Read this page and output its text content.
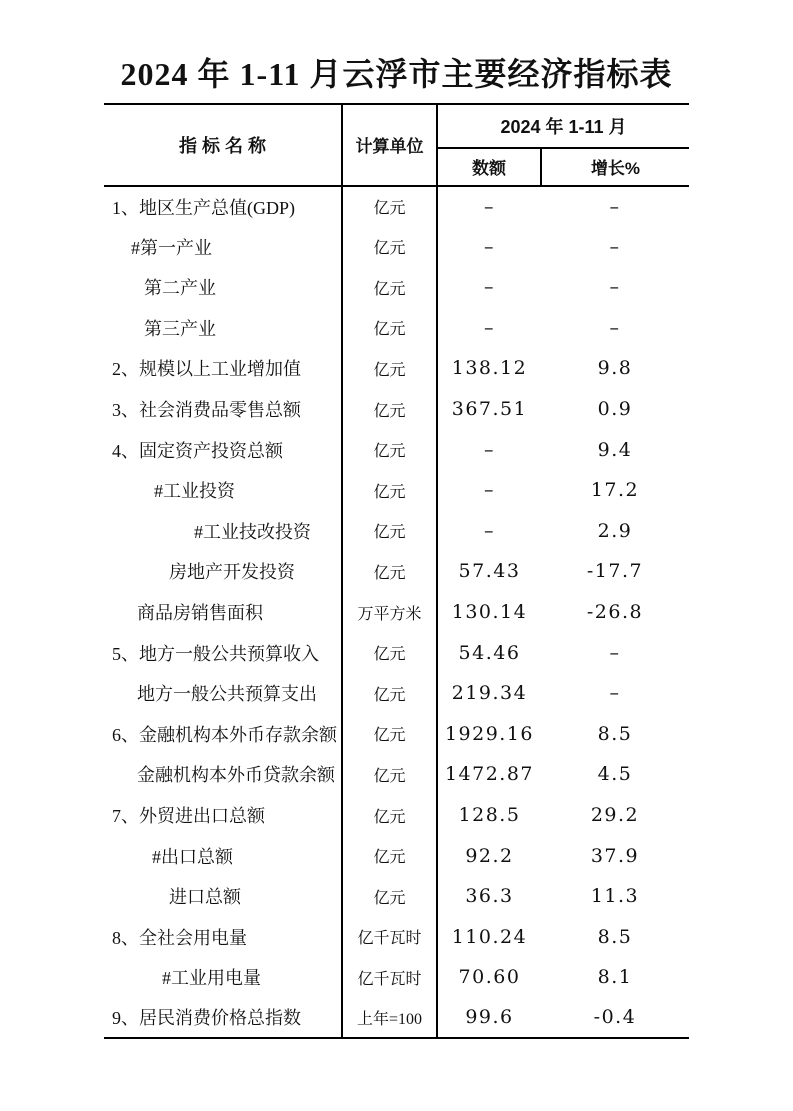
2024 年 1-11 月云浮市主要经济指标表
指 标 名 称	计算单位	2024 年 1-11 月	
		数额	增长%
1、地区生产总值(GDP)	亿元	–	–
#第一产业	亿元	–	–
第二产业	亿元	–	–
第三产业	亿元	–	–
2、规模以上工业增加值	亿元	138.12	9.8
3、社会消费品零售总额	亿元	367.51	0.9
4、固定资产投资总额	亿元	–	9.4
#工业投资	亿元	–	17.2
#工业技改投资	亿元	–	2.9
房地产开发投资	亿元	57.43	-17.7
商品房销售面积	万平方米	130.14	-26.8
5、地方一般公共预算收入	亿元	54.46	–
地方一般公共预算支出	亿元	219.34	–
6、金融机构本外币存款余额	亿元	1929.16	8.5
金融机构本外币贷款余额	亿元	1472.87	4.5
7、外贸进出口总额	亿元	128.5	29.2
#出口总额	亿元	92.2	37.9
进口总额	亿元	36.3	11.3
8、全社会用电量	亿千瓦时	110.24	8.5
#工业用电量	亿千瓦时	70.60	8.1
9、居民消费价格总指数	上年=100	99.6	-0.4
